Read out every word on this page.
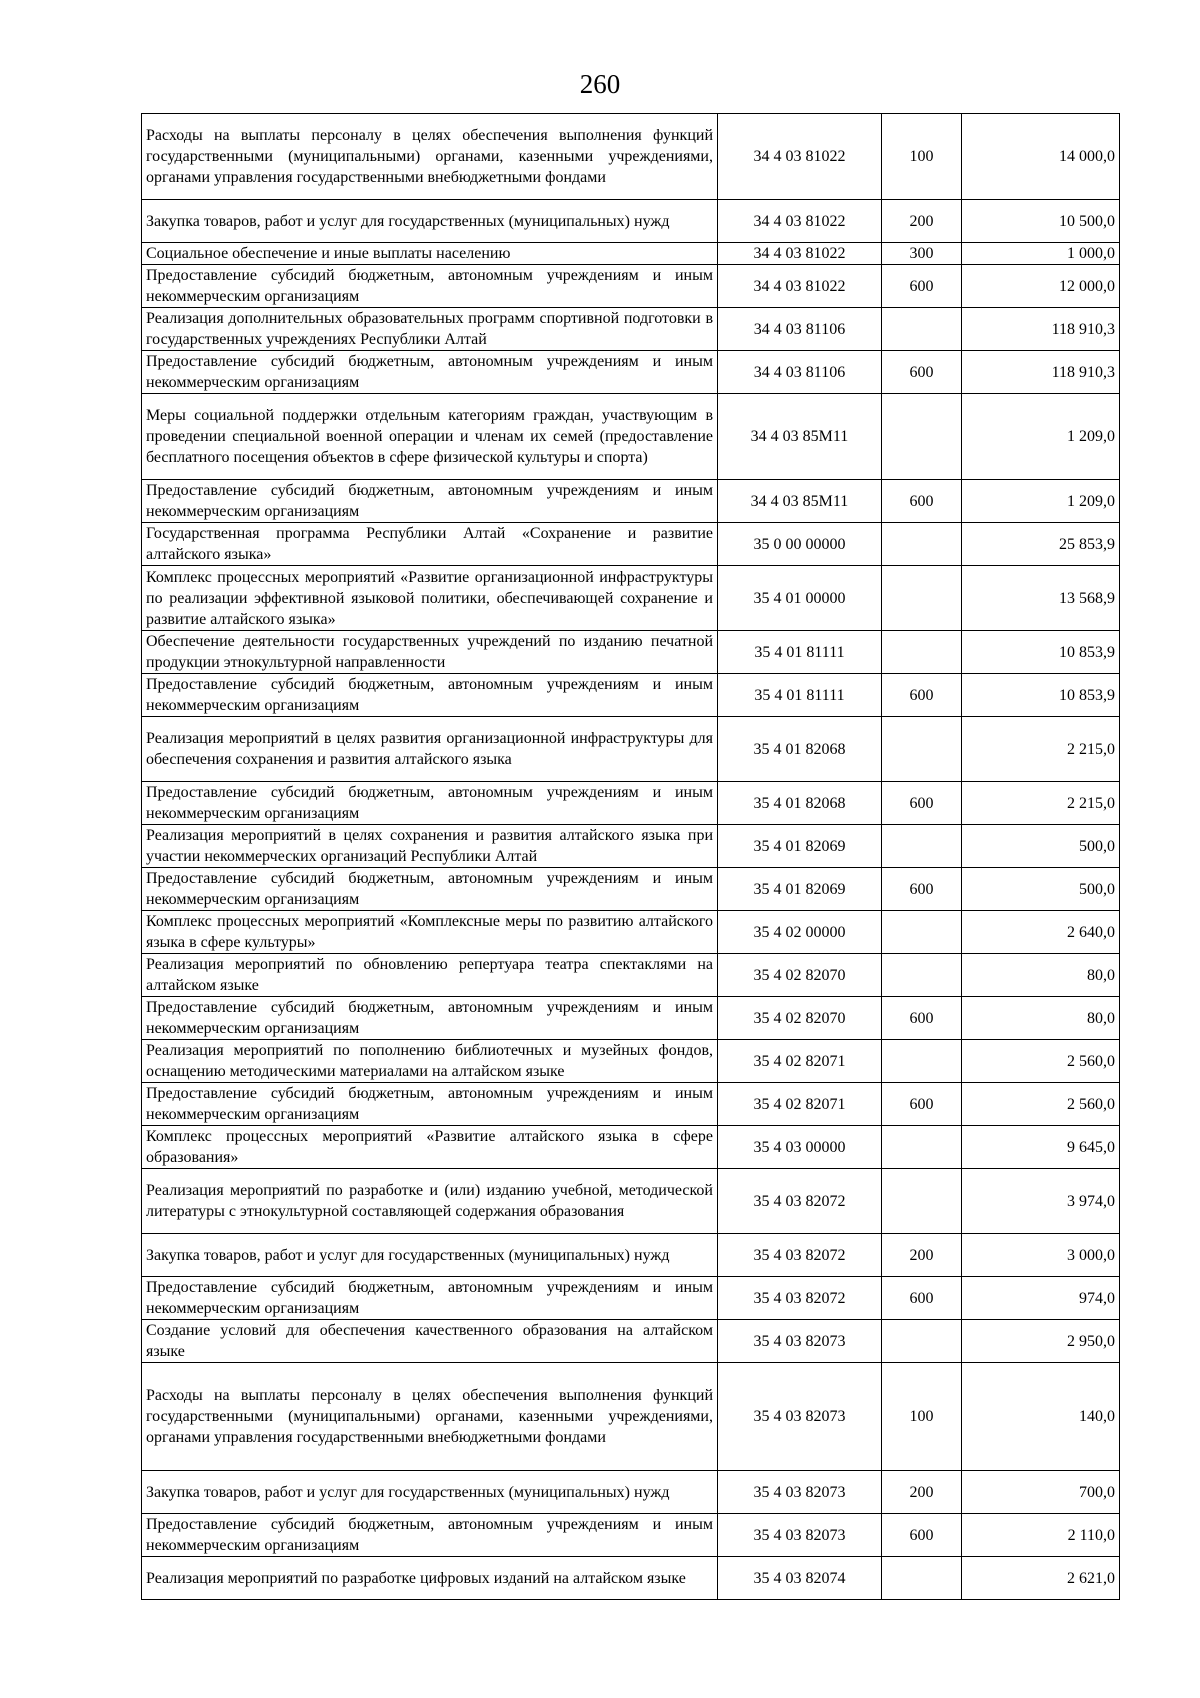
260
Расходы на выплаты персоналу в целях обеспечения выполнения функций государственными (муниципальными) органами, казенными учреждениями, органами управления государственными внебюджетными фондами	34 4 03 81022	100	14 000,0
Закупка товаров, работ и услуг для государственных (муниципальных) нужд	34 4 03 81022	200	10 500,0
Социальное обеспечение и иные выплаты населению	34 4 03 81022	300	1 000,0
Предоставление субсидий бюджетным, автономным учреждениям и иным некоммерческим организациям	34 4 03 81022	600	12 000,0
Реализация дополнительных образовательных программ спортивной подготовки в государственных учреждениях Республики Алтай	34 4 03 81106		118 910,3
Предоставление субсидий бюджетным, автономным учреждениям и иным некоммерческим организациям	34 4 03 81106	600	118 910,3
Меры социальной поддержки отдельным категориям граждан, участвующим в проведении специальной военной операции и членам их семей (предоставление бесплатного посещения объектов в сфере физической культуры и спорта)	34 4 03 85М11		1 209,0
Предоставление субсидий бюджетным, автономным учреждениям и иным некоммерческим организациям	34 4 03 85М11	600	1 209,0
Государственная программа Республики Алтай «Сохранение и развитие алтайского языка»	35 0 00 00000		25 853,9
Комплекс процессных мероприятий «Развитие организационной инфраструктуры по реализации эффективной языковой политики, обеспечивающей сохранение и развитие алтайского языка»	35 4 01 00000		13 568,9
Обеспечение деятельности государственных учреждений по изданию печатной продукции этнокультурной направленности	35 4 01 81111		10 853,9
Предоставление субсидий бюджетным, автономным учреждениям и иным некоммерческим организациям	35 4 01 81111	600	10 853,9
Реализация мероприятий в целях развития организационной инфраструктуры для обеспечения сохранения и развития алтайского языка	35 4 01 82068		2 215,0
Предоставление субсидий бюджетным, автономным учреждениям и иным некоммерческим организациям	35 4 01 82068	600	2 215,0
Реализация мероприятий в целях сохранения и развития алтайского языка при участии некоммерческих организаций Республики Алтай	35 4 01 82069		500,0
Предоставление субсидий бюджетным, автономным учреждениям и иным некоммерческим организациям	35 4 01 82069	600	500,0
Комплекс процессных мероприятий «Комплексные меры по развитию алтайского языка в сфере культуры»	35 4 02 00000		2 640,0
Реализация мероприятий по обновлению репертуара театра спектаклями на алтайском языке	35 4 02 82070		80,0
Предоставление субсидий бюджетным, автономным учреждениям и иным некоммерческим организациям	35 4 02 82070	600	80,0
Реализация мероприятий по пополнению библиотечных и музейных фондов, оснащению методическими материалами на алтайском языке	35 4 02 82071		2 560,0
Предоставление субсидий бюджетным, автономным учреждениям и иным некоммерческим организациям	35 4 02 82071	600	2 560,0
Комплекс процессных мероприятий «Развитие алтайского языка в сфере образования»	35 4 03 00000		9 645,0
Реализация мероприятий по разработке и (или) изданию учебной, методической литературы с этнокультурной составляющей содержания образования	35 4 03 82072		3 974,0
Закупка товаров, работ и услуг для государственных (муниципальных) нужд	35 4 03 82072	200	3 000,0
Предоставление субсидий бюджетным, автономным учреждениям и иным некоммерческим организациям	35 4 03 82072	600	974,0
Создание условий для обеспечения качественного образования на алтайском языке	35 4 03 82073		2 950,0
Расходы на выплаты персоналу в целях обеспечения выполнения функций государственными (муниципальными) органами, казенными учреждениями, органами управления государственными внебюджетными фондами	35 4 03 82073	100	140,0
Закупка товаров, работ и услуг для государственных (муниципальных) нужд	35 4 03 82073	200	700,0
Предоставление субсидий бюджетным, автономным учреждениям и иным некоммерческим организациям	35 4 03 82073	600	2 110,0
Реализация мероприятий по разработке цифровых изданий на алтайском языке	35 4 03 82074		2 621,0
